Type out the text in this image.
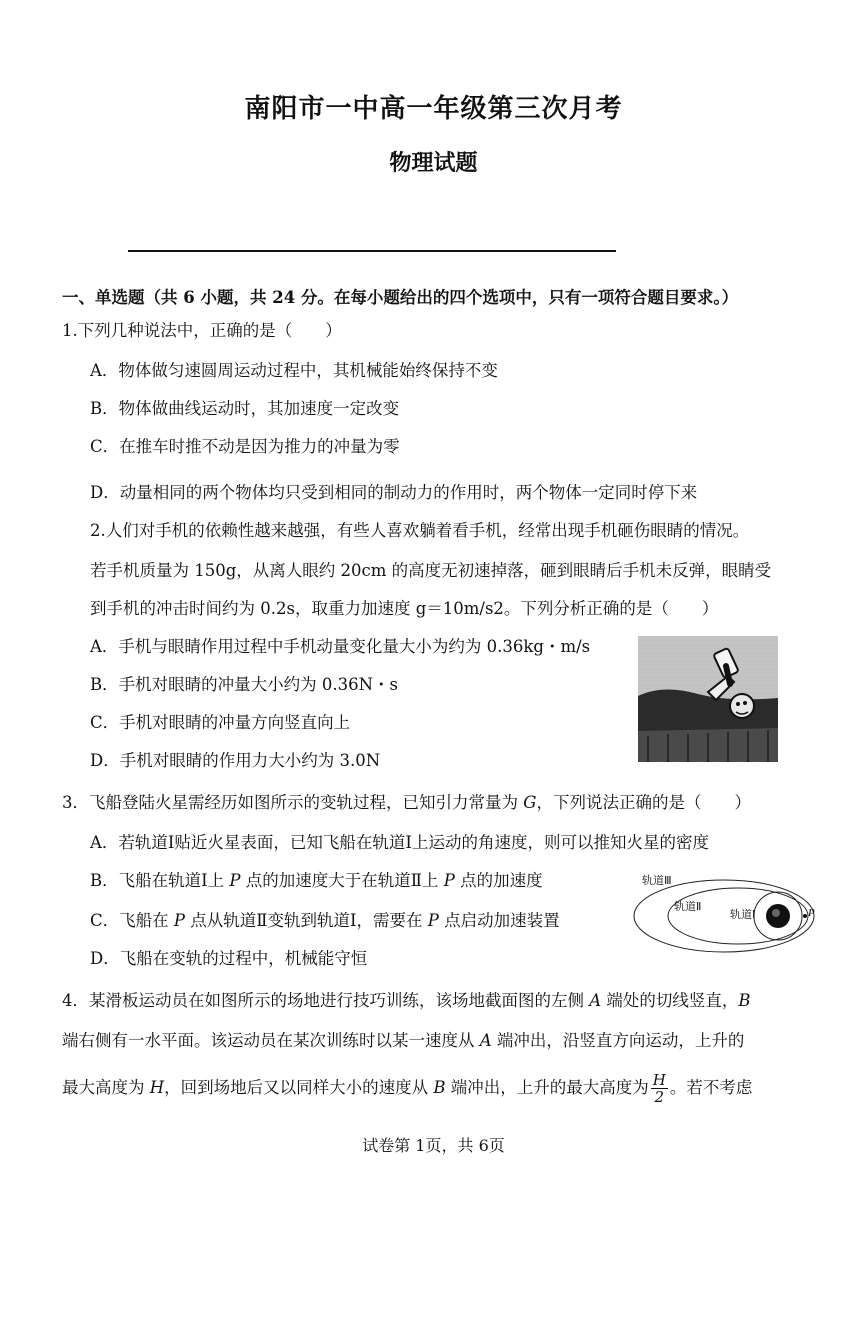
南阳市一中高一年级第三次月考
物理试题
一、单选题（共 6 小题，共 24 分。在每小题给出的四个选项中，只有一项符合题目要求。）
1.下列几种说法中，正确的是（　　）
A．物体做匀速圆周运动过程中，其机械能始终保持不变
B．物体做曲线运动时，其加速度一定改变
C．在推车时推不动是因为推力的冲量为零
D．动量相同的两个物体均只受到相同的制动力的作用时，两个物体一定同时停下来
2.人们对手机的依赖性越来越强，有些人喜欢躺着看手机，经常出现手机砸伤眼睛的情况。
若手机质量为 150g，从离人眼约 20cm 的高度无初速掉落，砸到眼睛后手机未反弹，眼睛受
到手机的冲击时间约为 0.2s，取重力加速度 g＝10m/s2。下列分析正确的是（　　）
A．手机与眼睛作用过程中手机动量变化量大小为约为 0.36kg・m/s
B．手机对眼睛的冲量大小约为 0.36N・s
C．手机对眼睛的冲量方向竖直向上
D．手机对眼睛的作用力大小约为 3.0N
3．飞船登陆火星需经历如图所示的变轨过程，已知引力常量为 G，下列说法正确的是（　　）
A．若轨道Ⅰ贴近火星表面，已知飞船在轨道Ⅰ上运动的角速度，则可以推知火星的密度
B．飞船在轨道Ⅰ上 P 点的加速度大于在轨道Ⅱ上 P 点的加速度
C．飞船在 P 点从轨道Ⅱ变轨到轨道Ⅰ，需要在 P 点启动加速装置
D．飞船在变轨的过程中，机械能守恒
轨道Ⅲ
轨道Ⅱ
轨道Ⅰ	P
4．某滑板运动员在如图所示的场地进行技巧训练，该场地截面图的左侧 A 端处的切线竖直，B
端右侧有一水平面。该运动员在某次训练时以某一速度从 A 端冲出，沿竖直方向运动，上升的
最大高度为 H，回到场地后又以同样大小的速度从 B 端冲出，上升的最大高度为 $\frac{H}{2}$ 。若不考虑
试卷第 1页，共 6页
